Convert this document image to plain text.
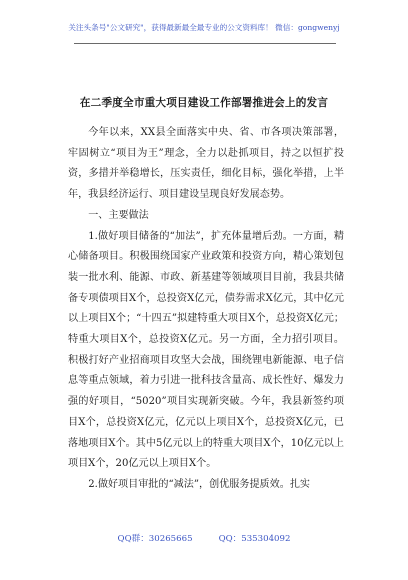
关注头条号"公文研究"，获得最新最全最专业的公文资料库！ 微信：gongwenyj
在二季度全市重大项目建设工作部署推进会上的发言

今年以来，XX县全面落实中央、省、市各项决策部署，牢固树立“项目为王”理念，全力以赴抓项目，持之以恒扩投资，多措并举稳增长，压实责任，细化目标，强化举措，上半年，我县经济运行、项目建设呈现良好发展态势。

一、主要做法

1.做好项目储备的“加法”，扩充体量增后劲。一方面，精心储备项目。积极围绕国家产业政策和投资方向，精心策划包装一批水利、能源、市政、新基建等领域项目目前，我县共储备专项债项目X个，总投资X亿元，债券需求X亿元，其中亿元以上项目X个；“十四五”拟建特重大项目X个，总投资X亿元；特重大项目X个，总投资X亿元。另一方面，全力招引项目。积极打好产业招商项目攻坚大会战，围绕锂电新能源、电子信息等重点领域，着力引进一批科技含量高、成长性好、爆发力强的好项目，“5020”项目实现新突破。今年，我县新签约项目X个，总投资X亿元，亿元以上项目X个，总投资X亿元，已落地项目X个。其中5亿元以上的特重大项目X个，10亿元以上项目X个，20亿元以上项目X个。

2.做好项目审批的“减法”，创优服务提质效。扎实

QQ群：30265665	QQ：535304092
